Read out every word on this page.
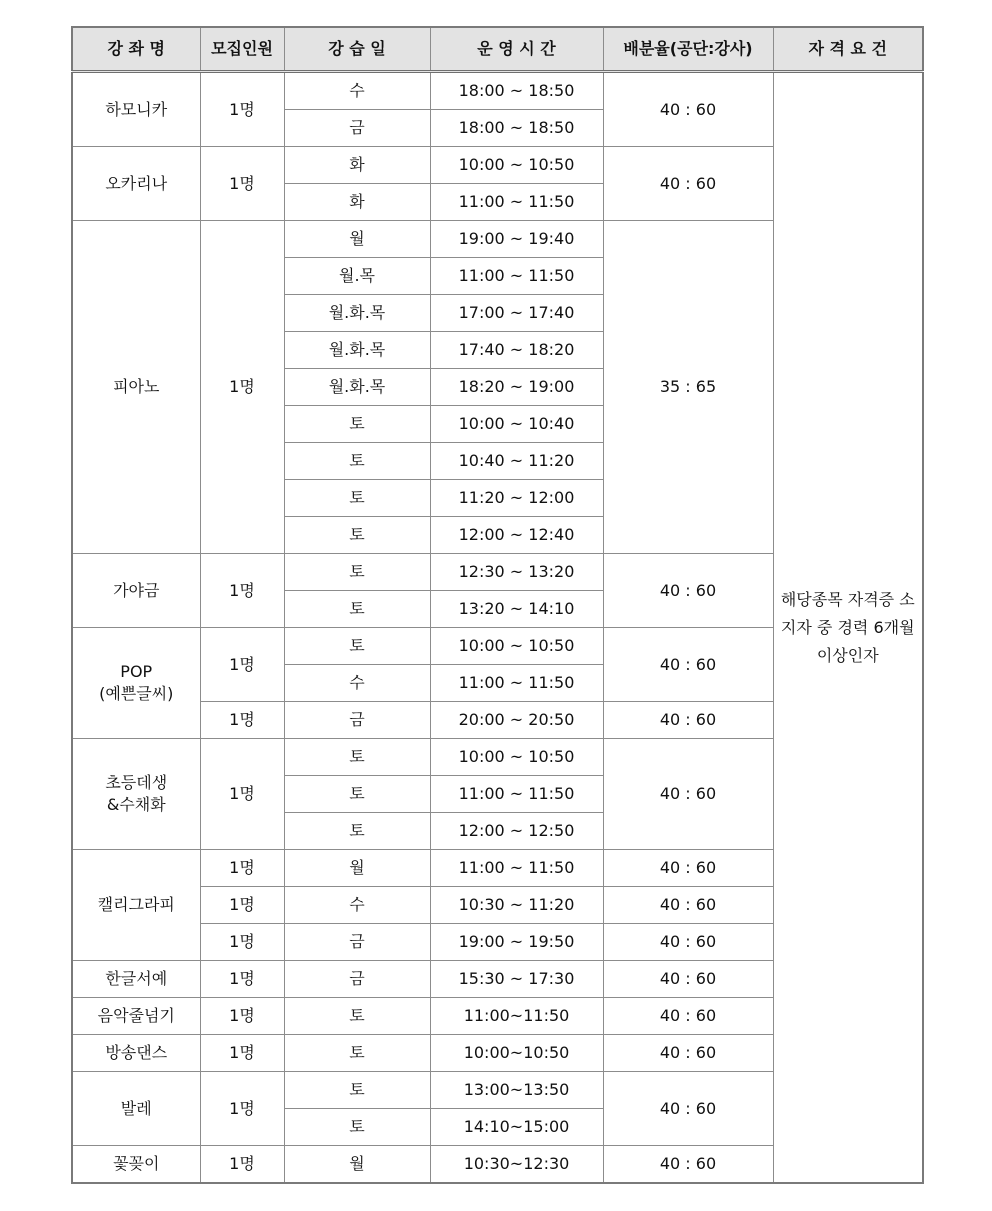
강 좌 명	모집인원	강 습 일	운 영 시 간	배분율(공단:강사)	자 격 요 건
하모니카	1명	수	18:00 ~ 18:50	40 : 60	해당종목 자격증 소지자 중 경력 6개월 이상인자
		금	18:00 ~ 18:50		
오카리나	1명	화	10:00 ~ 10:50	40 : 60	
		화	11:00 ~ 11:50		
피아노	1명	월	19:00 ~ 19:40	35 : 65	
		월.목	11:00 ~ 11:50		
		월.화.목	17:00 ~ 17:40		
		월.화.목	17:40 ~ 18:20		
		월.화.목	18:20 ~ 19:00		
		토	10:00 ~ 10:40		
		토	10:40 ~ 11:20		
		토	11:20 ~ 12:00		
		토	12:00 ~ 12:40		
가야금	1명	토	12:30 ~ 13:20	40 : 60	
		토	13:20 ~ 14:10		
POP
(예쁜글씨)	1명	토	10:00 ~ 10:50	40 : 60	
		수	11:00 ~ 11:50		
	1명	금	20:00 ~ 20:50	40 : 60	
초등데생
&수채화	1명	토	10:00 ~ 10:50	40 : 60	
		토	11:00 ~ 11:50		
		토	12:00 ~ 12:50		
캘리그라피	1명	월	11:00 ~ 11:50	40 : 60	
	1명	수	10:30 ~ 11:20	40 : 60	
	1명	금	19:00 ~ 19:50	40 : 60	
한글서예	1명	금	15:30 ~ 17:30	40 : 60	
음악줄넘기	1명	토	11:00~11:50	40 : 60	
방송댄스	1명	토	10:00~10:50	40 : 60	
발레	1명	토	13:00~13:50	40 : 60	
		토	14:10~15:00		
꽃꽂이	1명	월	10:30~12:30	40 : 60	
